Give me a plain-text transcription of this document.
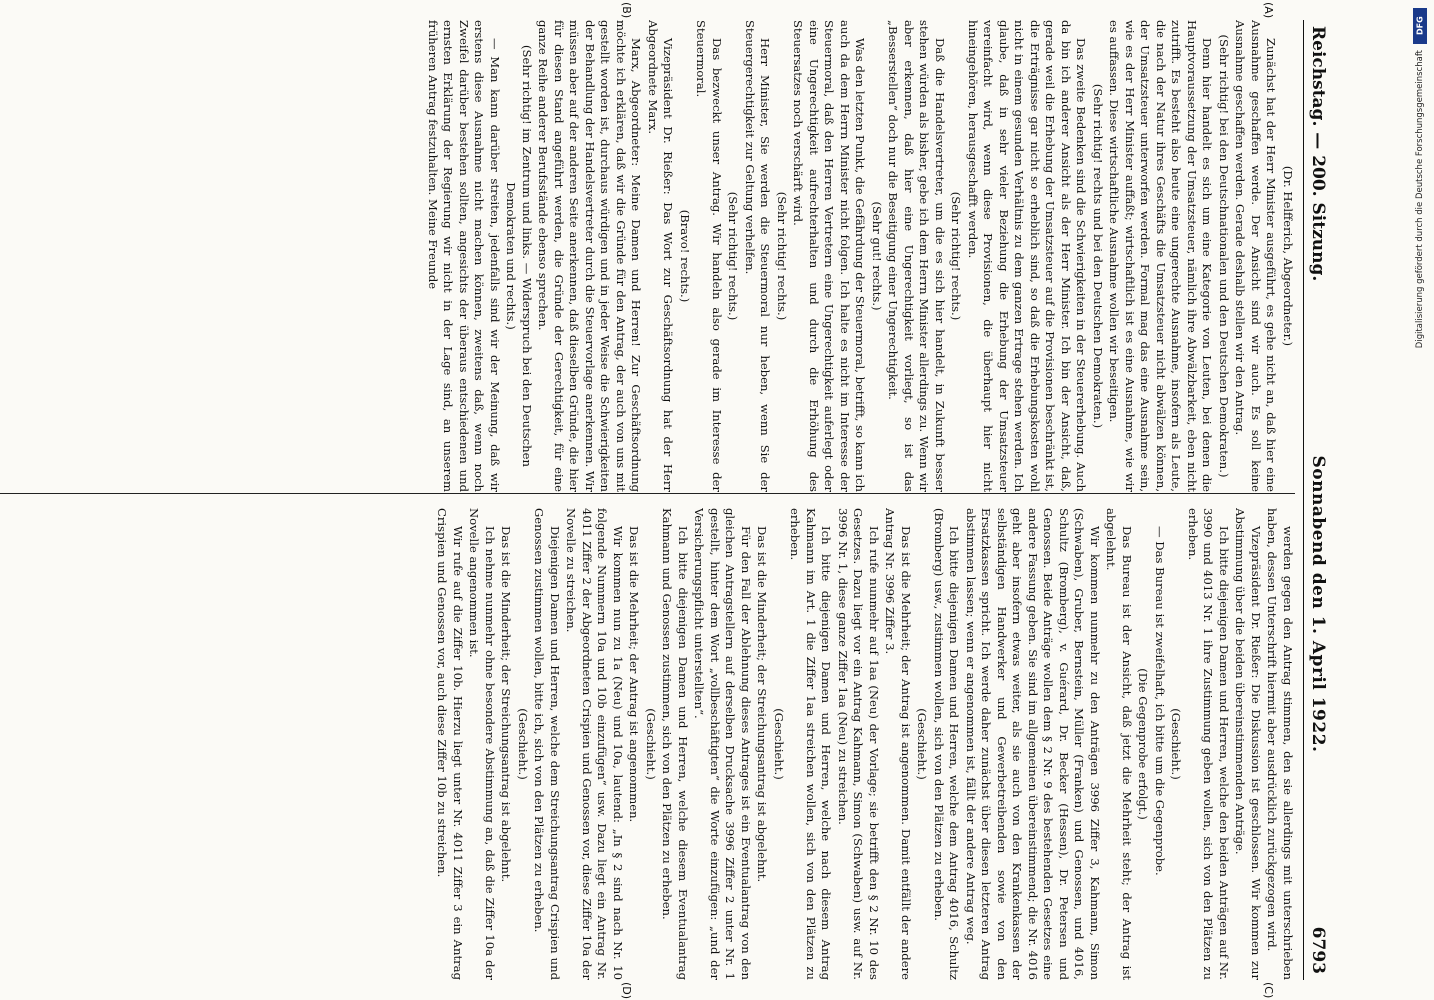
Reichstag. — 200. Sitzung.
Sonnabend den 1. April 1922.
6793

(Dr. Helfferich, Abgeordneter.)

Zunächst hat der Herr Minister ausgeführt, es gehe nicht an, daß hier eine Ausnahme geschaffen werde. Der Ansicht sind wir auch. Es soll keine Ausnahme geschaffen werden. Gerade deshalb stellen wir den Antrag.

(Sehr richtig! bei den Deutschnationalen und den Deutschen Demokraten.)

Denn hier handelt es sich um eine Kategorie von Leuten, bei denen die Hauptvoraussetzung der Umsatzsteuer, nämlich ihre Abwälzbarkeit, eben nicht zutrifft. Es besteht also heute eine ungerechte Ausnahme, insofern als Leute, die nach der Natur ihres Geschäfts die Umsatzsteuer nicht abwälzen können, der Umsatzsteuer unterworfen werden. Formal mag das eine Ausnahme sein, wie es der Herr Minister auffaßt; wirtschaftlich ist es eine Ausnahme, wie wir es auffassen. Diese wirtschaftliche Ausnahme wollen wir beseitigen.

(Sehr richtig! rechts und bei den Deutschen Demokraten.)

Das zweite Bedenken sind die Schwierigkeiten in der Steuererhebung. Auch da bin ich anderer Ansicht als der Herr Minister. Ich bin der Ansicht, daß, gerade weil die Erhebung der Umsatzsteuer auf die Provisionen beschränkt ist, die Erträgnisse gar nicht so erheblich sind, so daß die Erhebungskosten wohl nicht in einem gesunden Verhältnis zu dem ganzen Ertrage stehen werden. Ich glaube, daß in sehr vieler Beziehung die Erhebung der Umsatzsteuer vereinfacht wird, wenn diese Provisionen, die überhaupt hier nicht hineingehören, herausgeschafft werden.

(Sehr richtig! rechts.)

Daß die Handelsvertreter, um die es sich hier handelt, in Zukunft besser stehen würden als bisher, gebe ich dem Herrn Minister allerdings zu. Wenn wir aber erkennen, daß hier eine Ungerechtigkeit vorliegt, so ist das „Besserstellen“ doch nur die Beseitigung einer Ungerechtigkeit.

(Sehr gut! rechts.)

Was den letzten Punkt, die Gefährdung der Steuermoral, betrifft, so kann ich auch da dem Herrn Minister nicht folgen. Ich halte es nicht im Interesse der Steuermoral, daß den Herren Vertretern eine Ungerechtigkeit auferlegt oder eine Ungerechtigkeit aufrechterhalten und durch die Erhöhung des Steuersatzes noch verschärft wird.

(Sehr richtig! rechts.)

Herr Minister, Sie werden die Steuermoral nur heben, wenn Sie der Steuergerechtigkeit zur Geltung verhelfen.

(Sehr richtig! rechts.)

Das bezweckt unser Antrag. Wir handeln also gerade im Interesse der Steuermoral.

(Bravo! rechts.)

Vizepräsident Dr. Rießer: Das Wort zur Geschäftsordnung hat der Herr Abgeordnete Marx.

Marx, Abgeordneter: Meine Damen und Herren! Zur Geschäftsordnung möchte ich erklären, daß wir die Gründe für den Antrag, der auch von uns mit gestellt worden ist, durchaus würdigen und in jeder Weise die Schwierigkeiten der Behandlung der Handelsvertreter durch die Steuervorlage anerkennen. Wir müssen aber auf der anderen Seite anerkennen, daß dieselben Gründe, die hier für diesen Stand angeführt werden, die Gründe der Gerechtigkeit, für eine ganze Reihe anderer Berufsstände ebenso sprechen.

(Sehr richtig! im Zentrum und links. — Widerspruch bei den Deutschen Demokraten und rechts.)

— Man kann darüber streiten, jedenfalls sind wir der Meinung, daß wir erstens diese Ausnahme nicht machen können, zweitens daß, wenn noch Zweifel darüber bestehen sollten, angesichts der überaus entschiedenen und ernsten Erklärung der Regierung wir nicht in der Lage sind, an unserem früheren Antrag festzuhalten. Meine Freunde

werden gegen den Antrag stimmen, den sie allerdings mit unterschrieben haben, dessen Unterschrift hiermit aber ausdrücklich zurückgezogen wird.

Vizepräsident Dr. Rießer: Die Diskussion ist geschlossen. Wir kommen zur Abstimmung über die beiden übereinstimmenden Anträge.

Ich bitte diejenigen Damen und Herren, welche den beiden Anträgen auf Nr. 3990 und 4013 Nr. 1 ihre Zustimmung geben wollen, sich von den Plätzen zu erheben.

(Geschieht.)

— Das Bureau ist zweifelhaft, ich bitte um die Gegenprobe.

(Die Gegenprobe erfolgt.)

Das Bureau ist der Ansicht, daß jetzt die Mehrheit steht; der Antrag ist abgelehnt.

Wir kommen nunmehr zu den Anträgen 3996 Ziffer 3, Kahmann, Simon (Schwaben), Gruber, Bernstein, Müller (Franken) und Genossen, und 4016, Schultz (Bromberg), v. Guérard, Dr. Becker (Hessen), Dr. Petersen und Genossen. Beide Anträge wollen dem § 2 Nr. 9 des bestehenden Gesetzes eine andere Fassung geben. Sie sind im allgemeinen übereinstimmend; die Nr. 4016 geht aber insofern etwas weiter, als sie auch von den Krankenkassen der selbständigen Handwerker und Gewerbetreibenden sowie von den Ersatzkassen spricht. Ich werde daher zunächst über diesen letzteren Antrag abstimmen lassen; wenn er angenommen ist, fällt der andere Antrag weg.

Ich bitte diejenigen Damen und Herren, welche dem Antrag 4016, Schultz (Bromberg) usw., zustimmen wollen, sich von den Plätzen zu erheben.

(Geschieht.)

Das ist die Mehrheit; der Antrag ist angenommen. Damit entfällt der andere Antrag Nr. 3996 Ziffer 3.

Ich rufe nunmehr auf 1aa (Neu) der Vorlage; sie betrifft den § 2 Nr. 10 des Gesetzes. Dazu liegt vor ein Antrag Kahmann, Simon (Schwaben) usw. auf Nr. 3996 Nr. 1, diese ganze Ziffer 1aa (Neu) zu streichen.

Ich bitte diejenigen Damen und Herren, welche nach diesem Antrag Kahmann im Art. 1 die Ziffer 1aa streichen wollen, sich von den Plätzen zu erheben.

(Geschieht.)

Das ist die Minderheit; der Streichungsantrag ist abgelehnt.

Für den Fall der Ablehnung dieses Antrages ist ein Eventualantrag von den gleichen Antragstellern auf derselben Drucksache 3996 Ziffer 2 unter Nr. 1 gestellt, hinter dem Wort „vollbeschäftigten“ die Worte einzufügen: „und der Versicherungspflicht unterstellten“.

Ich bitte diejenigen Damen und Herren, welche diesem Eventualantrag Kahmann und Genossen zustimmen, sich von den Plätzen zu erheben.

(Geschieht.)

Das ist die Mehrheit; der Antrag ist angenommen.

Wir kommen nun zu 1a (Neu) und 10a, lautend: „In § 2 sind nach Nr. 10 folgende Nummern 10a und 10b einzufügen“ usw. Dazu liegt ein Antrag Nr. 4011 Ziffer 2 der Abgeordneten Crispien und Genossen vor, diese Ziffer 10a der Novelle zu streichen.

Diejenigen Damen und Herren, welche dem Streichungsantrag Crispien und Genossen zustimmen wollen, bitte ich, sich von den Plätzen zu erheben.

(Geschieht.)

Das ist die Minderheit; der Streichungsantrag ist abgelehnt.

Ich nehme nunmehr ohne besondere Abstimmung an, daß die Ziffer 10a der Novelle angenommen ist.

Wir rufe auf die Ziffer 10b. Hierzu liegt unter Nr. 4011 Ziffer 3 ein Antrag Crispien und Genossen vor, auch diese Ziffer 10b zu streichen.

(A)
(B)
(C)
(D)
DFG
Digitalisierung gefördert durch die Deutsche Forschungsgemeinschaft
